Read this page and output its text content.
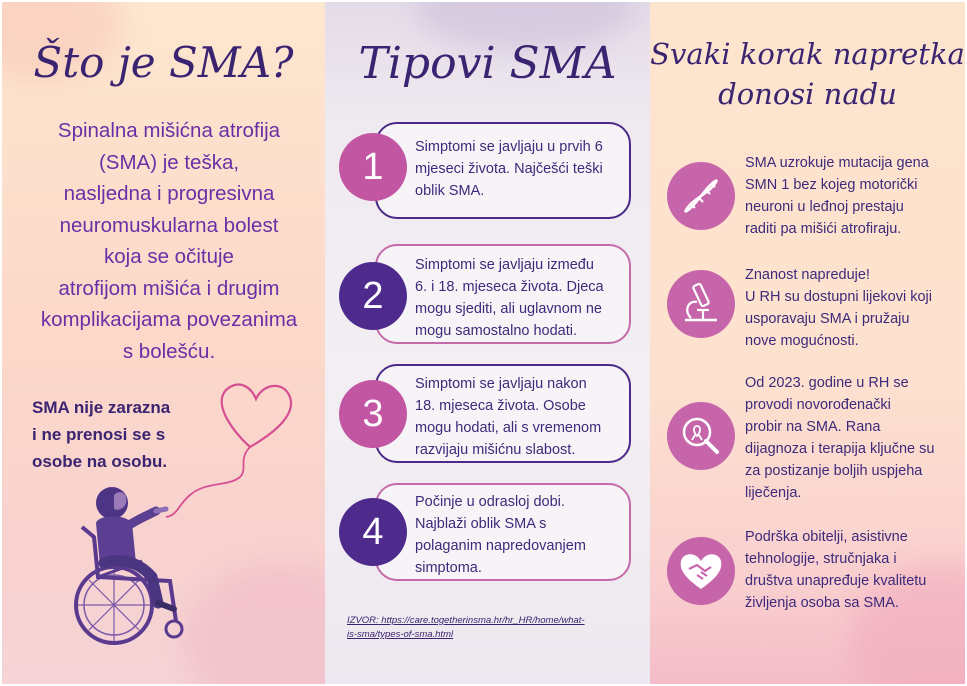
Što je SMA?
Spinalna mišićna atrofija
(SMA) je teška,
nasljedna i progresivna
neuromuskularna bolest
koja se očituje
atrofijom mišića i drugim
komplikacijama povezanima
s bolešću.
SMA nije zarazna
i ne prenosi se s
osobe na osobu.
Tipovi SMA
1	Simptomi se javljaju u prvih 6
mjeseci života. Najčešći teški
oblik SMA.
2
Simptomi se javljaju između
6. i 18. mjeseca života. Djeca
mogu sjediti, ali uglavnom ne
mogu samostalno hodati.
3
Simptomi se javljaju nakon
18. mjeseca života. Osobe
mogu hodati, ali s vremenom
razvijaju mišićnu slabost.
4
Počinje u odrasloj dobi.
Najblaži oblik SMA s
polaganim napredovanjem
simptoma.
IZVOR: https://care.togetherinsma.hr/hr_HR/home/what-
is-sma/types-of-sma.html
Svaki korak napretka
donosi nadu
SMA uzrokuje mutacija gena
SMN 1 bez kojeg motorički
neuroni u leđnoj prestaju
raditi pa mišići atrofiraju.
Znanost napreduje!
U RH su dostupni lijekovi koji
usporavaju SMA i pružaju
nove mogućnosti.
Od 2023. godine u RH se
provodi novorođenački
probir na SMA. Rana
dijagnoza i terapija ključne su
za postizanje boljih uspjeha
liječenja.
Podrška obitelji, asistivne
tehnologije, stručnjaka i
društva unapređuje kvalitetu
življenja osoba sa SMA.
